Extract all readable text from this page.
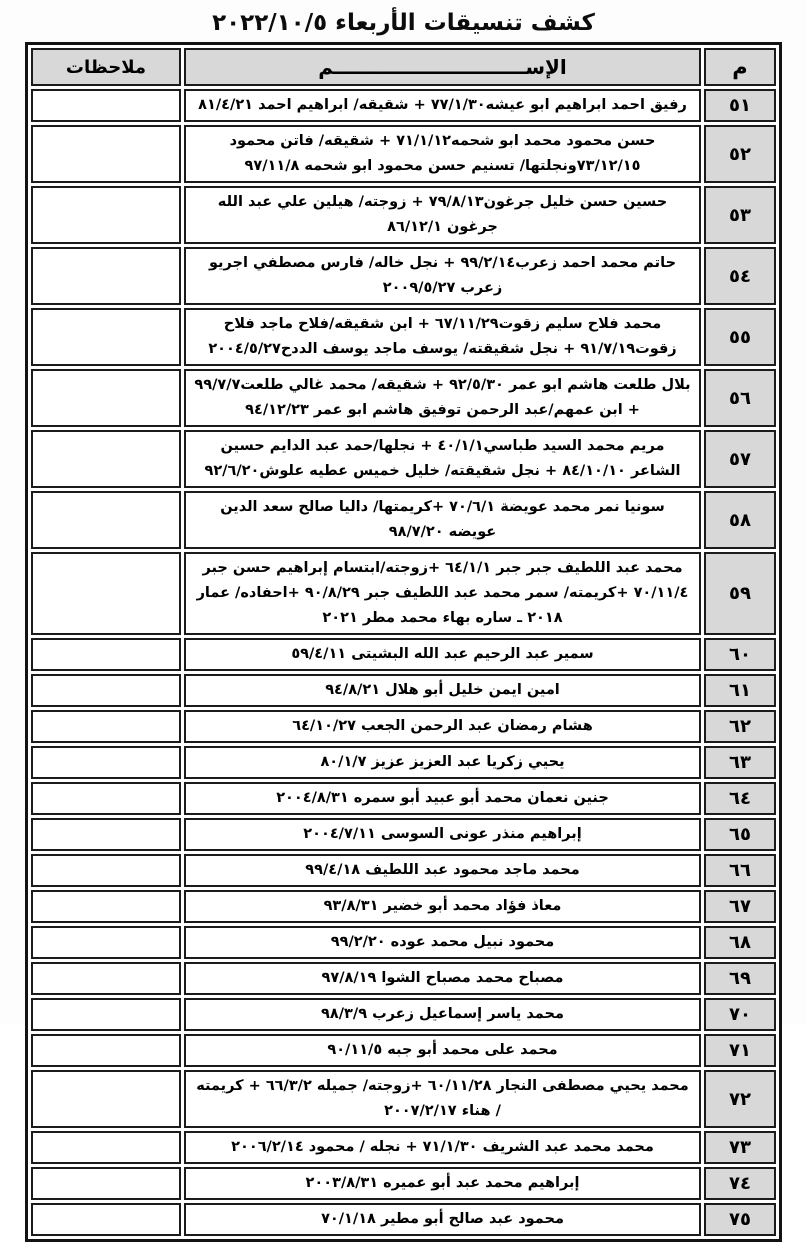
كشف تنسيقات الأربعاء ٢٠٢٢/١٠/٥
م	الإســــــــــــــــــــــــــــم	ملاحظات
٥١	رفيق احمد ابراهيم ابو عيشه٧٧/١/٣٠ + شقيقه/ ابراهيم احمد ٨١/٤/٢١	
٥٢	حسن محمود محمد ابو شحمه٧١/١/١٢ + شقيقه/ فاتن محمود ٧٣/١٢/١٥ونجلتها/ تسنيم حسن محمود ابو شحمه ٩٧/١١/٨	
٥٣	حسين حسن خليل جرغون٧٩/٨/١٣ + زوجته/ هيلين علي عبد الله جرغون ٨٦/١٢/١	
٥٤	حاتم محمد احمد زعرب٩٩/٢/١٤ + نجل خاله/ فارس مصطفي اجريو زعرب ٢٠٠٩/٥/٢٧	
٥٥	محمد فلاح سليم زقوت٦٧/١١/٢٩ + ابن شقيقه/فلاح ماجد فلاح زقوت٩١/٧/١٩ + نجل شقيقته/ يوسف ماجد يوسف الددح٢٠٠٤/٥/٢٧	
٥٦	بلال طلعت هاشم ابو عمر ٩٢/٥/٣٠ + شقيقه/ محمد غالي طلعت٩٩/٧/٧ + ابن عمهم/عبد الرحمن توفيق هاشم ابو عمر ٩٤/١٢/٢٣	
٥٧	مريم محمد السيد طباسي٤٠/١/١ + نجلها/حمد عبد الدايم حسين الشاعر ٨٤/١٠/١٠ + نجل شقيقته/ خليل خميس عطيه علوش٩٢/٦/٢٠	
٥٨	سونيا نمر محمد عويضة ٧٠/٦/١ +كريمتها/ داليا صالح سعد الدين عويضه ٩٨/٧/٢٠	
٥٩	محمد عبد اللطيف جبر جبر ٦٤/١/١ +زوجته/ابتسام إبراهيم حسن جبر ٧٠/١١/٤ +كريمته/ سمر محمد عبد اللطيف جبر ٩٠/٨/٢٩ +احفاده/ عمار ٢٠١٨ ـ ساره بهاء محمد مطر ٢٠٢١	
٦٠	سمير عبد الرحيم عبد الله البشيتى ٥٩/٤/١١	
٦١	امين ايمن خليل أبو هلال ٩٤/٨/٢١	
٦٢	هشام رمضان عبد الرحمن الجعب ٦٤/١٠/٢٧	
٦٣	يحيي زكريا عبد العزيز عزيز ٨٠/١/٧	
٦٤	جنين نعمان محمد أبو عبيد أبو سمره ٢٠٠٤/٨/٣١	
٦٥	إبراهيم منذر عونى السوسى ٢٠٠٤/٧/١١	
٦٦	محمد ماجد محمود عبد اللطيف ٩٩/٤/١٨	
٦٧	معاذ فؤاد محمد أبو خضير ٩٣/٨/٣١	
٦٨	محمود نبيل محمد عوده ٩٩/٢/٢٠	
٦٩	مصباح محمد مصباح الشوا ٩٧/٨/١٩	
٧٠	محمد ياسر إسماعيل زعرب ٩٨/٣/٩	
٧١	محمد على محمد أبو جبه ٩٠/١١/٥	
٧٢	محمد يحيي مصطفى النجار ٦٠/١١/٢٨ +زوجته/ جميله ٦٦/٣/٢ + كريمته / هناء ٢٠٠٧/٢/١٧	
٧٣	محمد محمد عبد الشريف ٧١/١/٣٠ + نجله / محمود ٢٠٠٦/٢/١٤	
٧٤	إبراهيم محمد عبد أبو عميره ٢٠٠٣/٨/٣١	
٧٥	محمود عبد صالح أبو مطير ٧٠/١/١٨	
